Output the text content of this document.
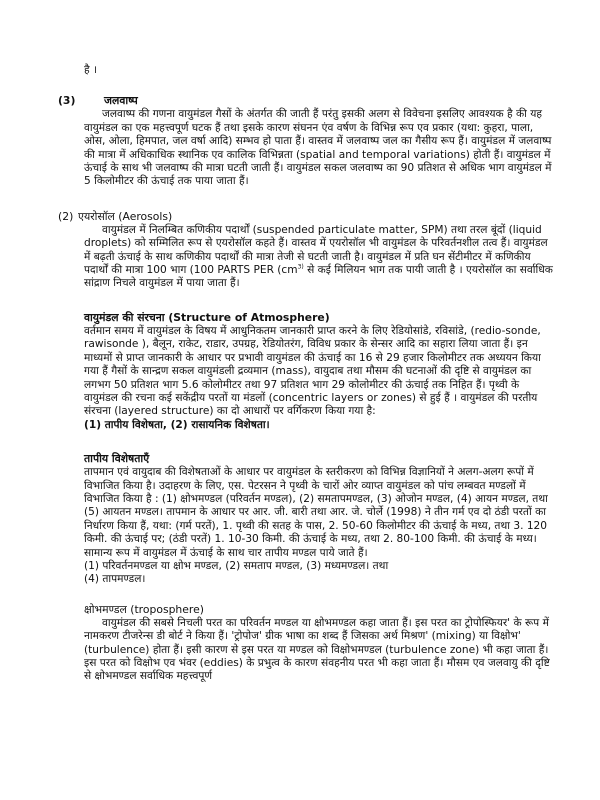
है ।

(3)	जलवाष्प

जलवाष्प की गणना वायुमंडल गैसों के अंतर्गत की जाती हैं परंतु इसकी अलग से विवेचना इसलिए आवश्यक है की यह वायुमंडल का एक महत्त्वपूर्ण घटक हैं तथा इसके कारण संघनन एंव वर्षण के विभिन्न रूप एव प्रकार (यथा: कुहरा, पाला, ओस, ओला, हिमपात, जल वर्षा आदि) सम्भव हो पाता हैं। वास्तव में जलवाष्प जल का गैसीय रूप हैं। वायुमंडल में जलवाष्प की मात्रा में अधिकाधिक स्थानिक एव कालिक विभिन्नता (spatial and temporal variations) होती हैं। वायुमंडल में ऊंचाई के साथ भी जलवाष्प की मात्रा घटती जाती हैं। वायुमंडल सकल जलवाष्प का 90 प्रतिशत से अधिक भाग वायुमंडल में 5 किलोमीटर की ऊंचाई तक पाया जाता हैं।

(2) एयरोसॉल (Aerosols)

वायुमंडल में निलम्बित कणिकीय पदार्थों (suspended particulate matter, SPM) तथा तरल बूंदों (liquid droplets) को सम्मिलित रूप से एयरोसॉल कहते हैं। वास्तव में एयरोसॉल भी वायुमंडल के परिवर्तनशील तत्व हैं। वायुमंडल में बढ़ती ऊंचाई के साथ कणिकीय पदार्थों की मात्रा तेजी से घटती जाती है। वायुमंडल में प्रति घन सेंटीमीटर में कणिकीय पदार्थों की मात्रा 100 भाग (100 PARTS PER ($cm^{3)}$ से कई मिलियन भाग तक पायी जाती है । एयरोसॉल का सर्वाधिक सांद्राण निचले वायुमंडल में पाया जाता हैं।

वायुमंडल की संरचना (Structure of Atmosphere)

वर्तमान समय में वायुमंडल के विषय में आधुनिकतम जानकारी प्राप्त करने के लिए रेडियोसांडे, रविसांडे, (redio-sonde, rawisonde ), बैलून, राकेट, राडार, उपग्रह, रेडियोतरंग, विविध प्रकार के सेन्सर आदि का सहारा लिया जाता हैं। इन माध्यमों से प्राप्त जानकारी के आधार पर प्रभावी वायुमंडल की ऊंचाई का 16 से 29 हजार किलोमीटर तक अध्ययन किया गया हैं गैसों के सान्द्रण सकल वायुमंडली द्रव्यमान (mass), वायुदाब तथा मौसम की घटनाओं की दृष्टि से वायुमंडल का लगभग 50 प्रतिशत भाग 5.6 कोलोमीटर तथा 97 प्रतिशत भाग 29 कोलोमीटर की ऊंचाई तक निहित हैं। पृथ्वी के वायुमंडल की रचना कई सकेंद्रीय परतों या मंडलों (concentric layers or zones) से हुई हैं । वायुमंडल की परतीय संरचना (layered structure) का दो आधारों पर वर्गिकरण किया गया है:

(1) तापीय विशेषता, (2) रासायनिक विशेषता।

तापीय विशेषताएँ

तापमान एवं वायुदाब की विशेषताओं के आधार पर वायुमंडल के स्तरीकरण को विभिन्न विज्ञानियों ने अलग-अलग रूपों में विभाजित किया है। उदाहरण के लिए, एस. पेटरसन ने पृथ्वी के चारों ओर व्याप्त वायुमंडल को पांच लम्बवत मण्डलों में विभाजित किया है : (1) क्षोभमण्डल (परिवर्तन मण्डल), (2) समतापमण्डल, (3) ओजोन मण्डल, (4) आयन मण्डल, तथा (5) आयतन मण्डल। तापमान के आधार पर आर. जी. बारी तथा आर. जे. चोर्ले (1998) ने तीन गर्म एव दो ठंडी परतों का निर्धारण किया हैं, यथा: (गर्म परतें), 1. पृथ्वी की सतह के पास, 2. 50-60 किलोमीटर की ऊंचाई के मध्य, तथा 3. 120 किमी. की ऊंचाई पर; (ठंडी परतें) 1. 10-30 किमी. की ऊंचाई के मध्य, तथा 2. 80-100 किमी. की ऊंचाई के मध्य। सामान्य रूप में वायुमंडल में ऊंचाई के साथ चार तापीय मण्डल पाये जाते हैं।

(1) परिवर्तनमण्डल या क्षोभ मण्डल, (2) समताप मण्डल, (3) मध्यमण्डल। तथा

(4) तापमण्डल।

क्षोभमण्डल (troposphere)

वायुमंडल की सबसे निचली परत का परिवर्तन मण्डल या क्षोभमण्डल कहा जाता हैं। इस परत का ट्रोपोस्फियर' के रूप में नामकरण टीजरेन्स डी बोर्ट ने किया हैं। 'ट्रोपोज' ग्रीक भाषा का शब्द हैं जिसका अर्थ मिश्रण' (mixing) या विक्षोभ' (turbulence) होता हैं। इसी कारण से इस परत या मण्डल को विक्षोभमण्डल (turbulence zone) भी कहा जाता हैं। इस परत को विक्षोभ एव भंवर (eddies) के प्रभुत्व के कारण संवहनीय परत भी कहा जाता हैं। मौसम एव जलवायु की दृष्टि से क्षोभमण्डल सर्वाधिक महत्त्वपूर्ण
